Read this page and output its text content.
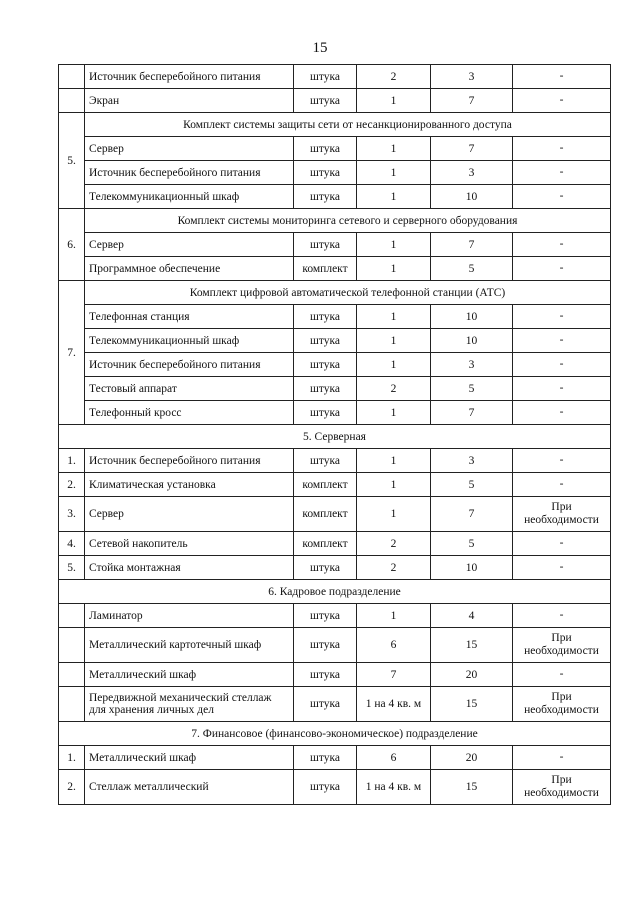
15
	Источник бесперебойного питания	штука	2	3	-
	Экран	штука	1	7	-
5.	Комплект системы защиты сети от несанкционированного доступа				
	Сервер	штука	1	7	-
	Источник бесперебойного питания	штука	1	3	-
	Телекоммуникационный шкаф	штука	1	10	-
6.	Комплект системы мониторинга сетевого и серверного оборудования				
	Сервер	штука	1	7	-
	Программное обеспечение	комплект	1	5	-
7.	Комплект цифровой автоматической телефонной станции (АТС)				
	Телефонная станция	штука	1	10	-
	Телекоммуникационный шкаф	штука	1	10	-
	Источник бесперебойного питания	штука	1	3	-
	Тестовый аппарат	штука	2	5	-
	Телефонный кросс	штука	1	7	-
5. Серверная					
1.	Источник бесперебойного питания	штука	1	3	-
2.	Климатическая установка	комплект	1	5	-
3.	Сервер	комплект	1	7	При необходимости
4.	Сетевой накопитель	комплект	2	5	-
5.	Стойка монтажная	штука	2	10	-
6. Кадровое подразделение					
	Ламинатор	штука	1	4	-
	Металлический картотечный шкаф	штука	6	15	При необходимости
	Металлический шкаф	штука	7	20	-
	Передвижной механический стеллаж для хранения личных дел	штука	1 на 4 кв. м	15	При необходимости
7. Финансовое (финансово-экономическое) подразделение					
1.	Металлический шкаф	штука	6	20	-
2.	Стеллаж металлический	штука	1 на 4 кв. м	15	При необходимости
